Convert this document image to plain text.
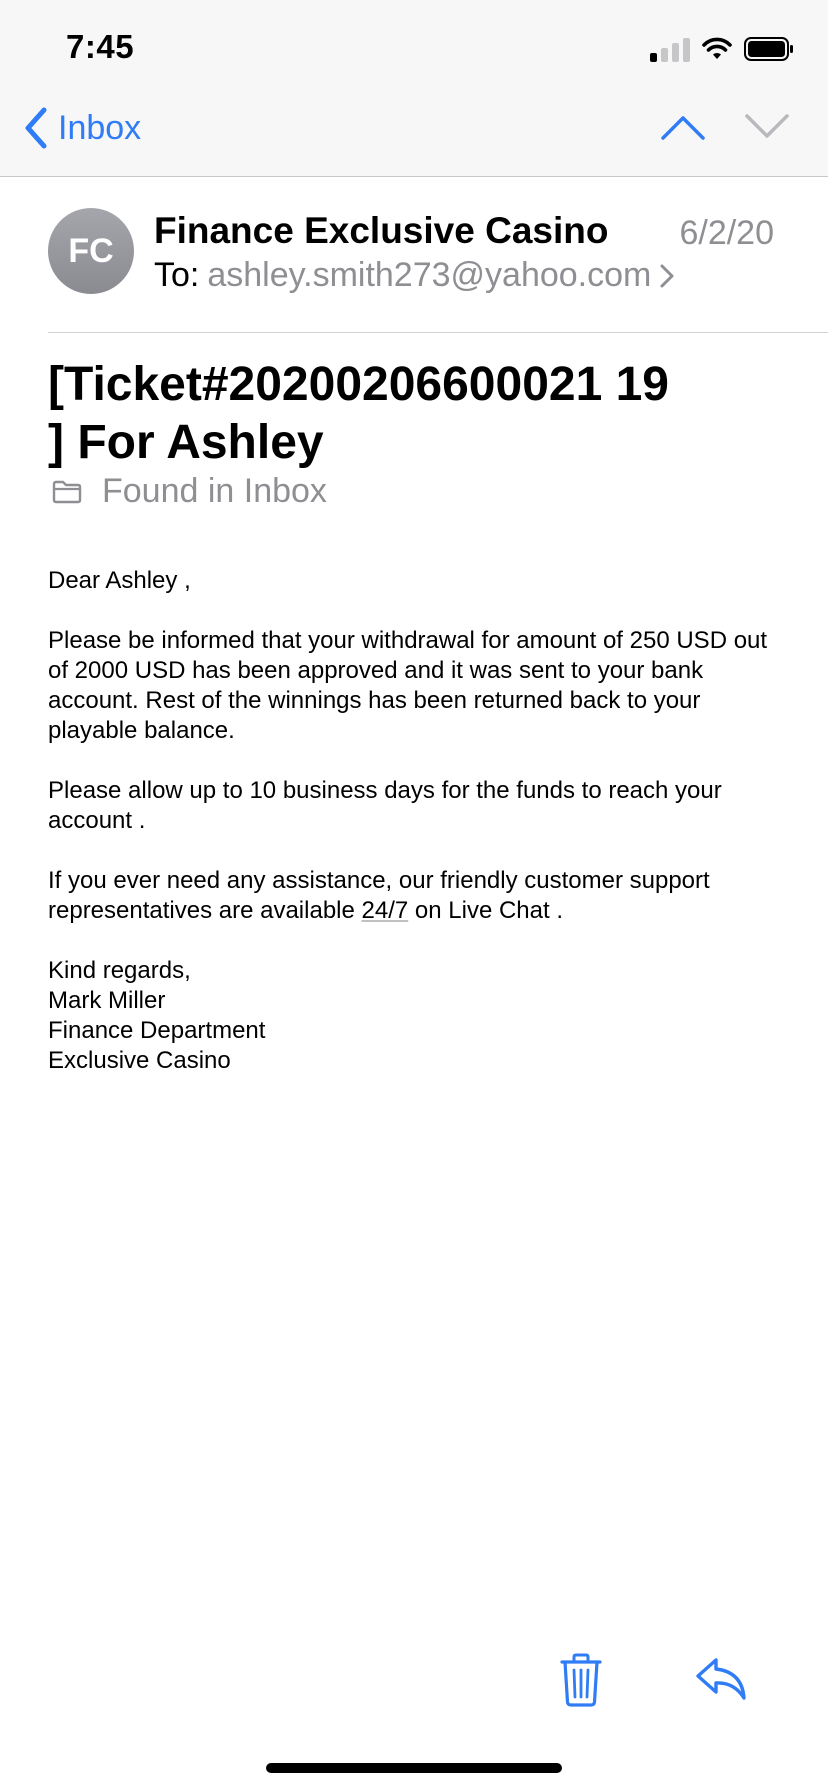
7:45
Inbox
FC	Finance Exclusive Casino 6/2/20
To: ashley.smith273@yahoo.com
[Ticket#20200206600021 19
] For Ashley
Found in Inbox

Dear Ashley ,

Please be informed that your withdrawal for amount of 250 USD out
of 2000 USD has been approved and it was sent to your bank
account. Rest of the winnings has been returned back to your
playable balance.

Please allow up to 10 business days for the funds to reach your
account .

If you ever need any assistance, our friendly customer support
representatives are available 24/7 on Live Chat .

Kind regards,
Mark Miller
Finance Department
Exclusive Casino
